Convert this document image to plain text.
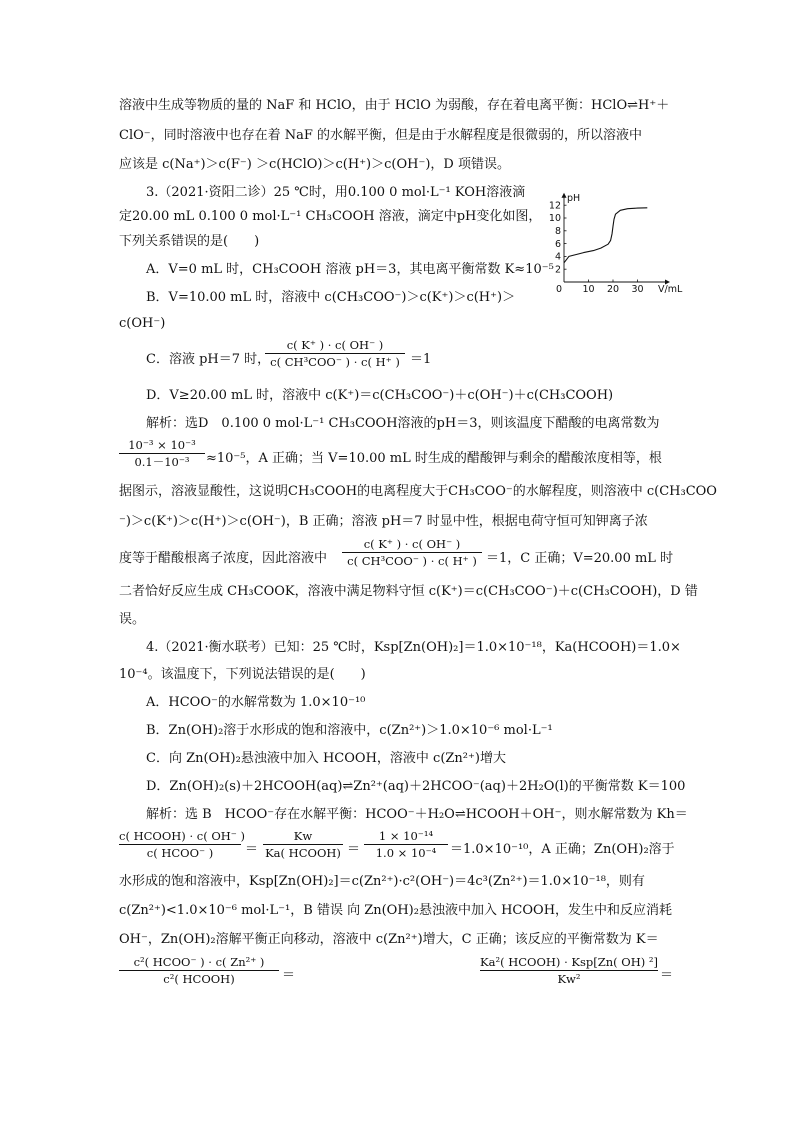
溶液中生成等物质的量的 NaF 和 HClO，由于 HClO 为弱酸，存在着电离平衡：HClO⇌H⁺＋
ClO⁻，同时溶液中也存在着 NaF 的水解平衡，但是由于水解程度是很微弱的，所以溶液中
应该是 c(Na⁺)＞c(F⁻) ＞c(HClO)＞c(H⁺)＞c(OH⁻)，D 项错误。
3.（2021·资阳二诊）25 ℃时，用0.100 0 mol·L⁻¹ KOH溶液滴
定20.00 mL 0.100 0 mol·L⁻¹ CH₃COOH 溶液，滴定中pH变化如图，
下列关系错误的是(　　)
A．V=0 mL 时，CH₃COOH 溶液 pH＝3，其电离平衡常数 K≈10⁻⁵
B．V=10.00 mL 时，溶液中 c(CH₃COO⁻)＞c(K⁺)＞c(H⁺)＞
c(OH⁻)
C．溶液 pH＝7 时，
c( K⁺ ) · c( OH⁻ )
c( CH³COO⁻ ) · c( H⁺ ) ＝1
D．V≥20.00 mL 时，溶液中 c(K⁺)＝c(CH₃COO⁻)＋c(OH⁻)＋c(CH₃COOH)
2
4
6
8
10
12
0 10 20 30
pH
V/mL
解析：选D　0.100 0 mol·L⁻¹ CH₃COOH溶液的pH＝3，则该温度下醋酸的电离常数为
10⁻³ × 10⁻³
0.1－10⁻³	≈10⁻⁵，A 正确；当 V=10.00 mL 时生成的醋酸钾与剩余的醋酸浓度相等，根
据图示，溶液显酸性，这说明CH₃COOH的电离程度大于CH₃COO⁻的水解程度，则溶液中 c(CH₃COO
⁻)＞c(K⁺)＞c(H⁺)＞c(OH⁻)，B 正确；溶液 pH＝7 时显中性，根据电荷守恒可知钾离子浓
度等于醋酸根离子浓度，因此溶液中
c( K⁺ ) · c( OH⁻ )
c( CH³COO⁻ ) · c( H⁺ ) ＝1，C 正确；V=20.00 mL 时
二者恰好反应生成 CH₃COOK，溶液中满足物料守恒 c(K⁺)＝c(CH₃COO⁻)＋c(CH₃COOH)，D 错
误。
4.（2021·衡水联考）已知：25 ℃时，Ksp[Zn(OH)₂]＝1.0×10⁻¹⁸，Ka(HCOOH)＝1.0×
10⁻⁴。该温度下，下列说法错误的是(　　)
A．HCOO⁻的水解常数为 1.0×10⁻¹⁰
B．Zn(OH)₂溶于水形成的饱和溶液中，c(Zn²⁺)＞1.0×10⁻⁶ mol·L⁻¹
C．向 Zn(OH)₂悬浊液中加入 HCOOH，溶液中 c(Zn²⁺)增大
D．Zn(OH)₂(s)＋2HCOOH(aq)⇌Zn²⁺(aq)＋2HCOO⁻(aq)＋2H₂O(l)的平衡常数 K＝100
解析：选 B　HCOO⁻存在水解平衡：HCOO⁻＋H₂O⇌HCOOH＋OH⁻，则水解常数为 Kh＝
c( HCOOH) · c( OH⁻ )
c( HCOO⁻ )	＝
Kw
Ka( HCOOH) ＝
1 × 10⁻¹⁴
1.0 × 10⁻⁴	＝1.0×10⁻¹⁰，A 正确；Zn(OH)₂溶于
水形成的饱和溶液中，Ksp[Zn(OH)₂]＝c(Zn²⁺)·c²(OH⁻)＝4c³(Zn²⁺)＝1.0×10⁻¹⁸，则有
c(Zn²⁺)<1.0×10⁻⁶ mol·L⁻¹，B 错误 向 Zn(OH)₂悬浊液中加入 HCOOH，发生中和反应消耗
OH⁻，Zn(OH)₂溶解平衡正向移动，溶液中 c(Zn²⁺)增大，C 正确；该反应的平衡常数为 K＝
c²( HCOO⁻ ) · c( Zn²⁺ )
c²( HCOOH)	＝
Ka²( HCOOH) · Ksp[Zn( OH) ²]
Kw²	＝
